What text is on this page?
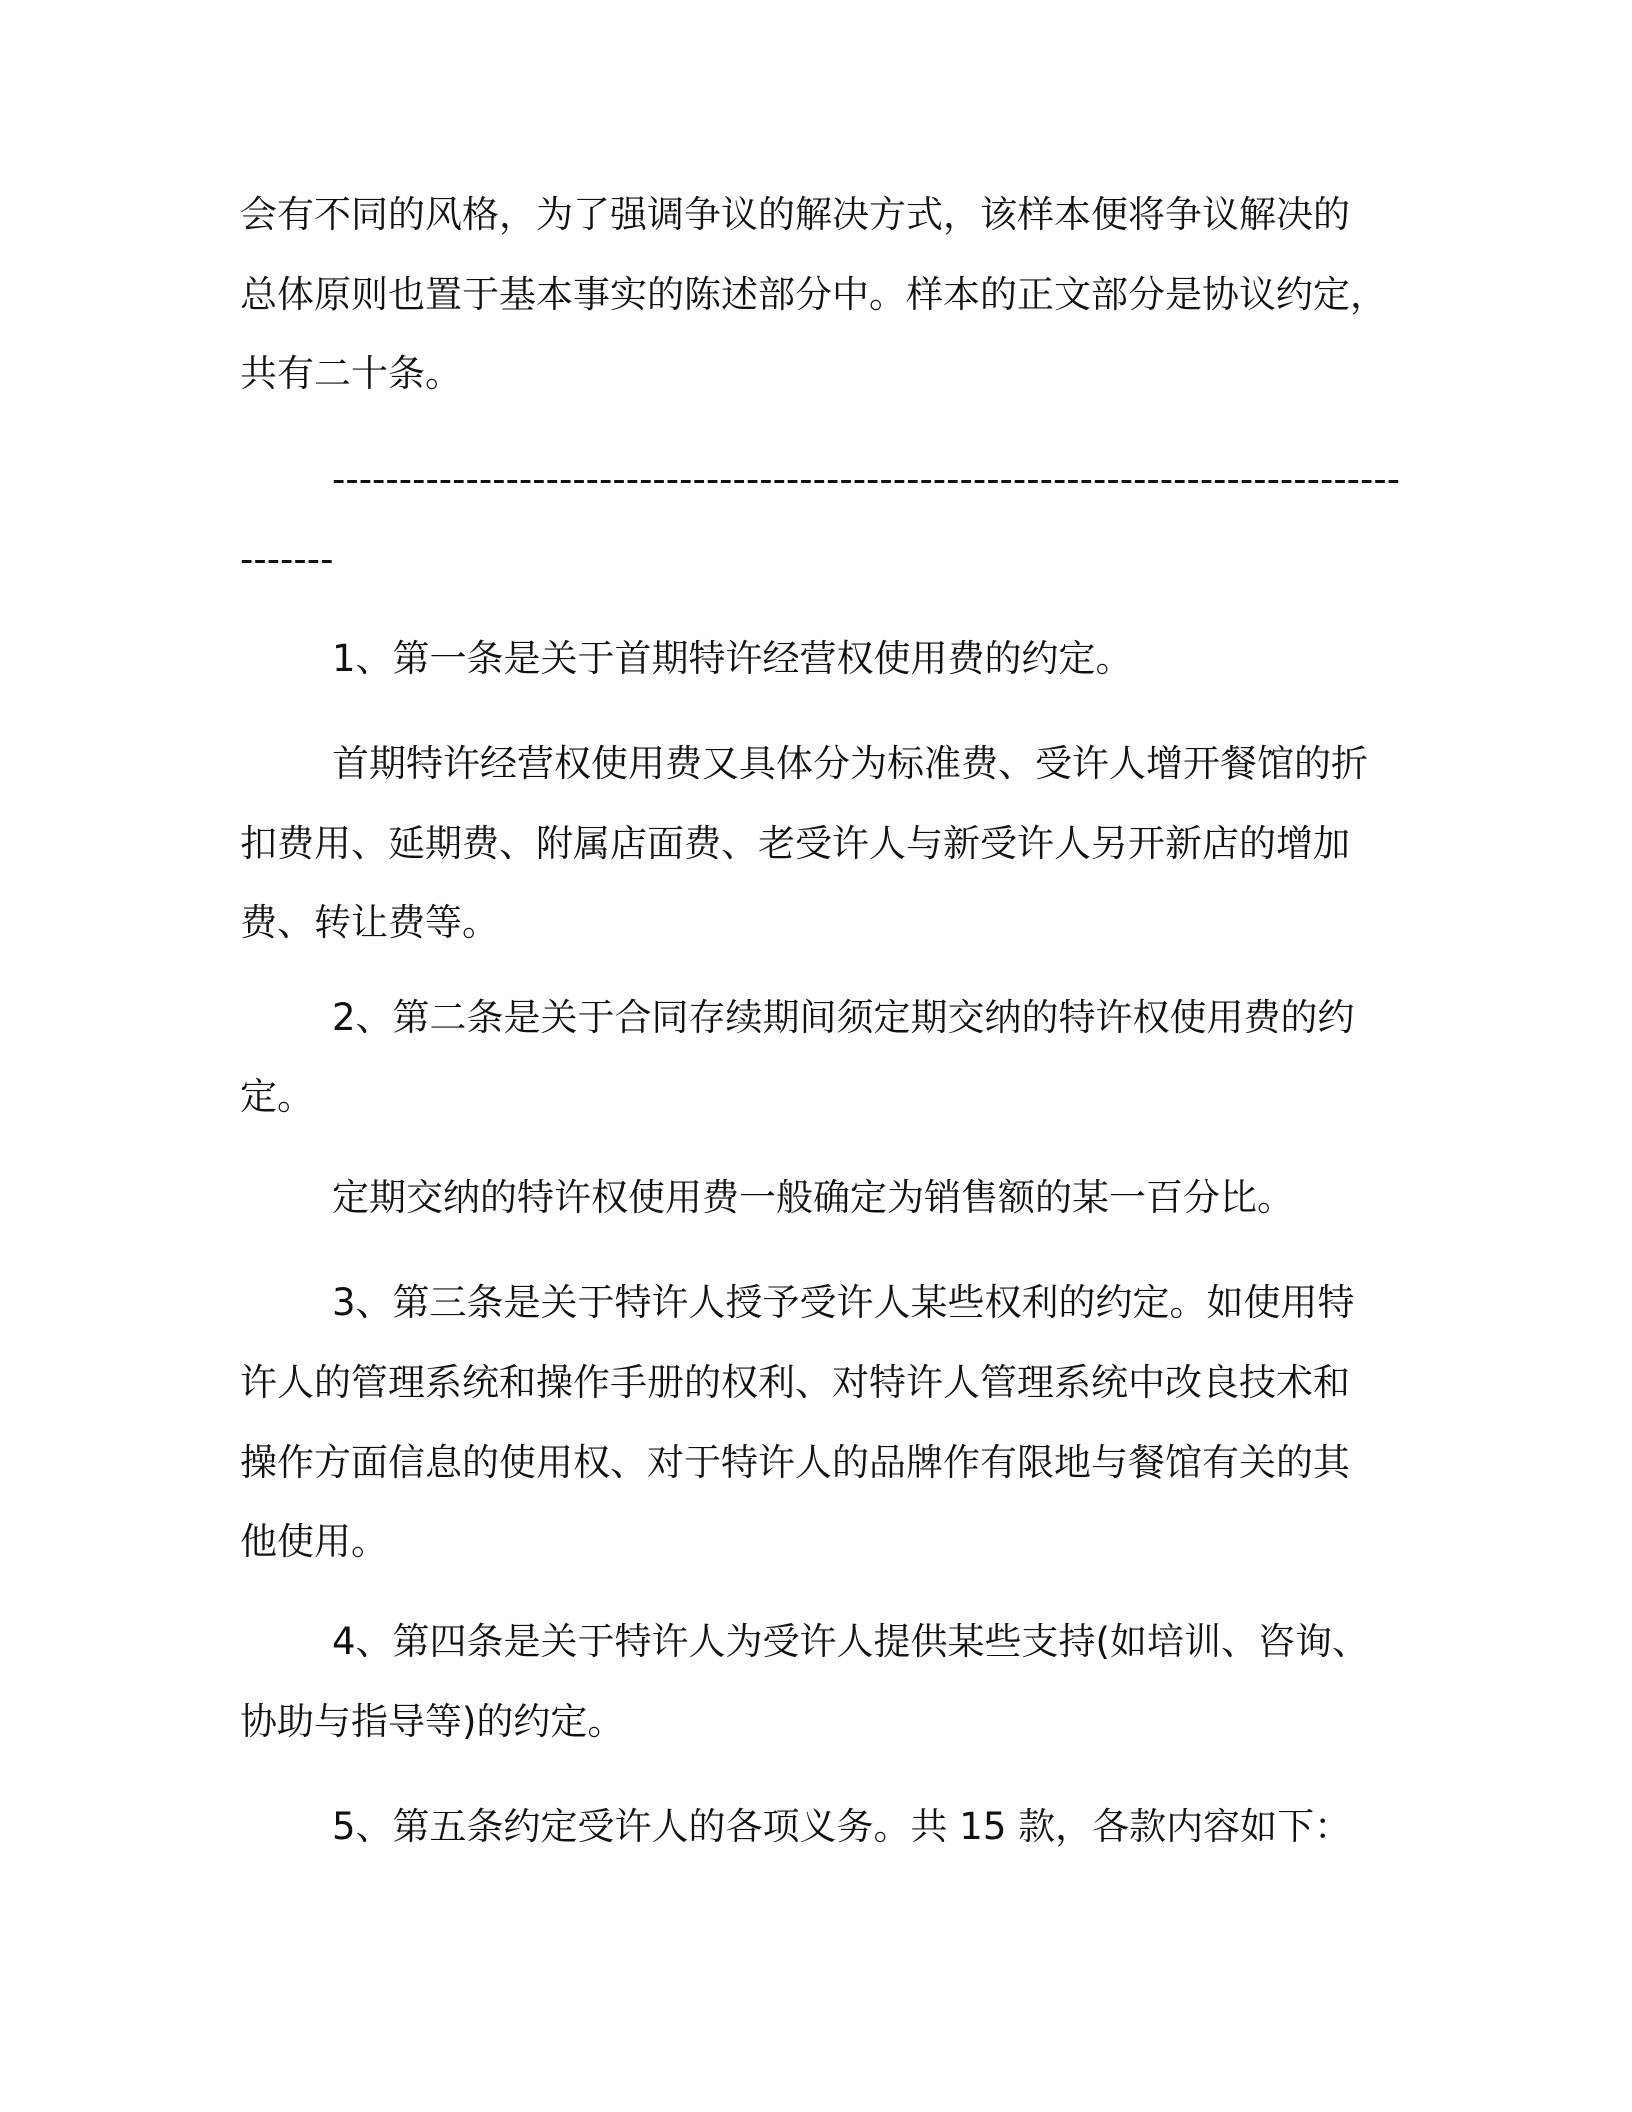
会有不同的风格，为了强调争议的解决方式，该样本便将争议解决的

总体原则也置于基本事实的陈述部分中。样本的正文部分是协议约定，

共有二十条。

--------------------------------------------------------------------------------

-------

1、第一条是关于首期特许经营权使用费的约定。

首期特许经营权使用费又具体分为标准费、受许人增开餐馆的折

扣费用、延期费、附属店面费、老受许人与新受许人另开新店的增加

费、转让费等。

2、第二条是关于合同存续期间须定期交纳的特许权使用费的约

定。

定期交纳的特许权使用费一般确定为销售额的某一百分比。

3、第三条是关于特许人授予受许人某些权利的约定。如使用特

许人的管理系统和操作手册的权利、对特许人管理系统中改良技术和

操作方面信息的使用权、对于特许人的品牌作有限地与餐馆有关的其

他使用。

4、第四条是关于特许人为受许人提供某些支持(如培训、咨询、

协助与指导等)的约定。

5、第五条约定受许人的各项义务。共 15 款，各款内容如下：
